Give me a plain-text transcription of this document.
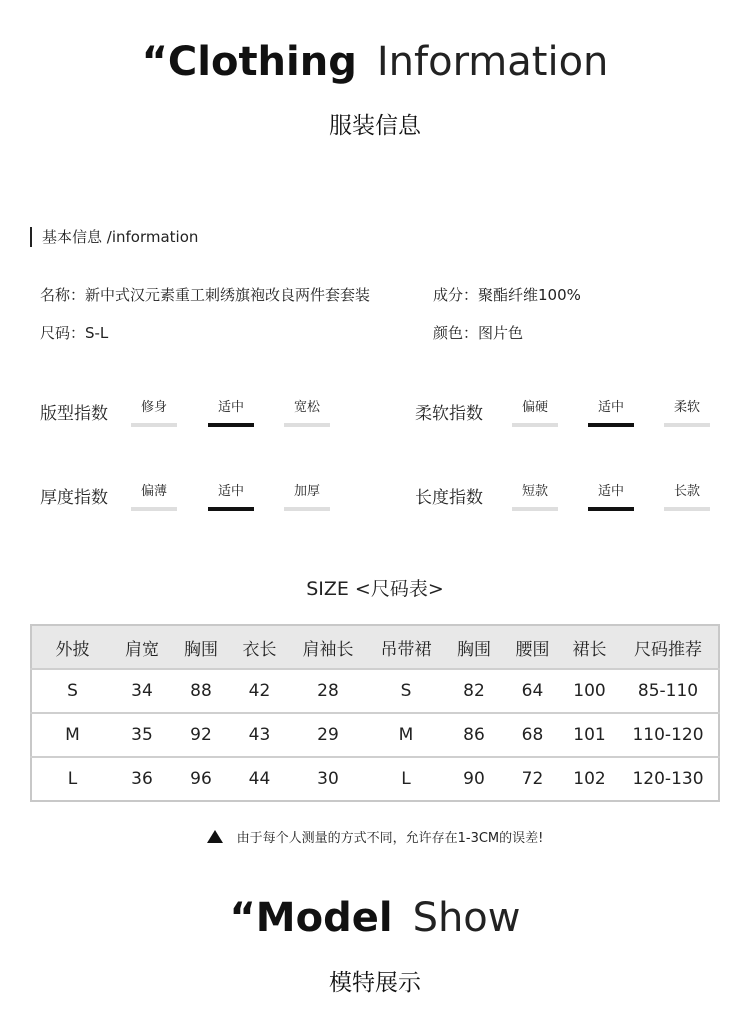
“Clothing Information
服装信息
基本信息 /information
名称：新中式汉元素重工刺绣旗袍改良两件套套装	成分：聚酯纤维100%
尺码：S-L	颜色：图片色
版型指数	修身	适中	宽松	柔软指数	偏硬	适中	柔软
厚度指数	偏薄	适中	加厚	长度指数	短款	适中	长款
SIZE <尺码表>
外披	肩宽	胸围	衣长	肩袖长	吊带裙	胸围	腰围	裙长	尺码推荐
S	34	88	42	28	S	82	64	100	85-110
M	35	92	43	29	M	86	68	101	110-120
L	36	96	44	30	L	90	72	102	120-130
由于每个人测量的方式不同，允许存在1-3CM的误差!
“Model Show
模特展示
